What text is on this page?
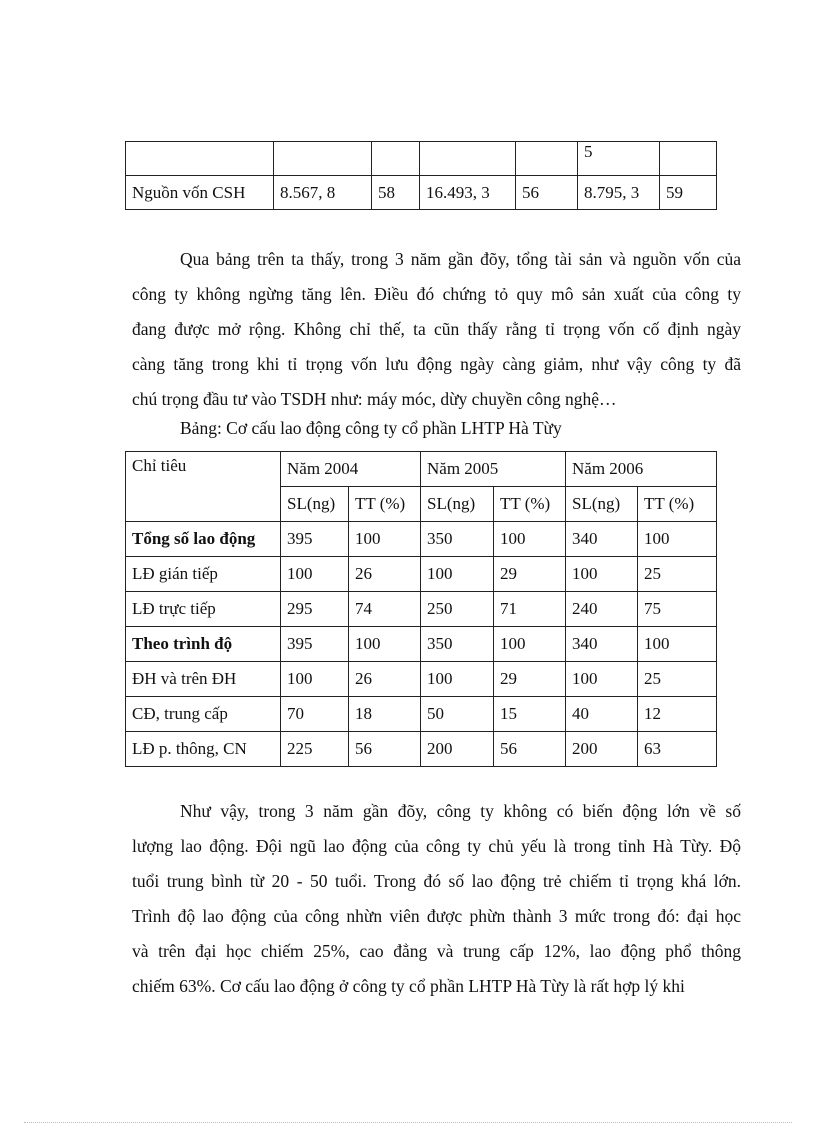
					5	
Nguồn vốn CSH	8.567, 8	58	16.493, 3	56	8.795, 3	59
Qua bảng trên ta thấy, trong 3 năm gần đõy, tổng tài sản và nguồn vốn của
công ty không ngừng tăng lên. Điều đó chứng tỏ quy mô sản xuất của công ty
đang được mở rộng. Không chỉ thế, ta cũn thấy rằng tỉ trọng vốn cố định ngày
càng tăng trong khi tỉ trọng vốn lưu động ngày càng giảm, như vậy công ty đã
chú trọng đầu tư vào TSDH như: máy móc, dừy chuyền công nghệ…

Bảng: Cơ cấu lao động công ty cổ phần LHTP Hà Từy

Chỉ tiêu	Năm 2004		Năm 2005		Năm 2006	
	SL(ng)	TT (%)	SL(ng)	TT (%)	SL(ng)	TT (%)
Tổng số lao động	395	100	350	100	340	100
LĐ gián tiếp	100	26	100	29	100	25
LĐ trực tiếp	295	74	250	71	240	75
Theo trình độ	395	100	350	100	340	100
ĐH và trên ĐH	100	26	100	29	100	25
CĐ, trung cấp	70	18	50	15	40	12
LĐ p. thông, CN	225	56	200	56	200	63
Như vậy, trong 3 năm gần đõy, công ty không có biến động lớn về số
lượng lao động. Đội ngũ lao động của công ty chủ yếu là trong tỉnh Hà Từy. Độ
tuổi trung bình từ 20 - 50 tuổi. Trong đó số lao động trẻ chiếm tỉ trọng khá lớn.
Trình độ lao động của công nhừn viên được phừn thành 3 mức trong đó: đại học
và trên đại học chiếm 25%, cao đẳng và trung cấp 12%, lao động phổ thông
chiếm 63%. Cơ cấu lao động ở công ty cổ phần LHTP Hà Từy là rất hợp lý khi
